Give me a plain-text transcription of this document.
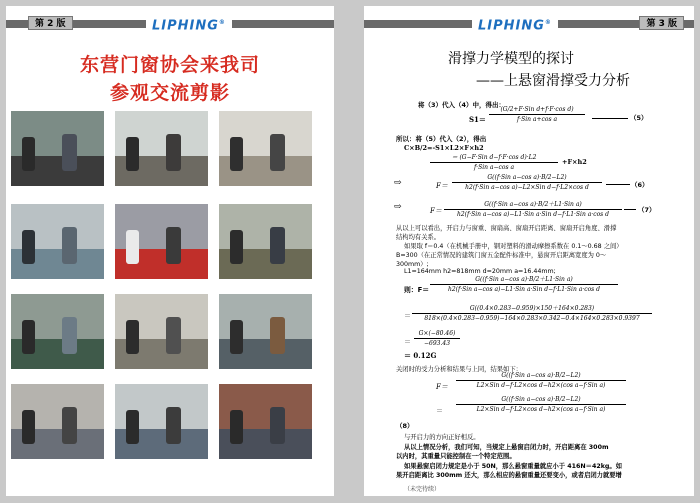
第 2 版	LIPHING®
东营门窗协会来我司
参观交流剪影
第 3 版
LIPHING®
滑撑力学模型的探讨
——上悬窗滑撑受力分析
将（3）代入（4）中，得出：
S1＝
(G/2+F·Sin d+f·F·cos d)
f·Sin a+cos a	（5）
所以：将（5）代入（2），得出
C×B/2=-S1×L2×F×h2
＝ (G−F·Sin d−f·F·cos d)·L2
f·Sin a−cos a
+F×h2
⇨	F＝
G((f·Sin a−cos a)·B/2−L2)
h2(f·Sin a−cos a)−L2×Sin d−f·L2×cos d	（6）
⇨	F＝
G((f·Sin a−cos a)·B/2＋L1·Sin a)
h2(f·Sin a−cos a)−L1·Sin a·Sin d−f·L1·Sin a·cos d
（7）
从以上可以看出，开启力与窗重、窗扇高、窗扇开启距离、窗扇开启角度、滑撑
结构均有关系。
如果取 f＝0.4（在机械手册中，钢对塑料的滑动摩擦系数在 0.1～0.68 之间）
B=300（在正常情况的建筑门窗五金配件标准中，悬窗开启距离宽度为 0～
300mm）;
L1=164mm h2=818mm d=20mm a=16.44mm;
则：F＝
G((f·Sin a−cos a)·B/2＋L1·Sin a)
h2(f·Sin a−cos a)−L1·Sin a·Sin d−f·L1·Sin a·cos d
＝ $\frac{G((0.4\times 0.283-0.959)\times 150+164\times 0.283)}{818\times(0.4\times 0.283-0.959)-164\times 0.283\times 0.342-0.4\times 164\times 0.283\times 0.9397}$
＝ $\frac{G\times(-80.46)}{-693.43}$
＝ 0.12G
关闭时的受力分析和结果与上同，结果如下：
F＝
G((f·Sin a−cos a)·B/2−L2)
L2×Sin d−f·L2×cos d−h2×(cos a−f·Sin a)
＝
G((f·Sin a−cos a)·B/2−L2)
L2×Sin d−f·L2×cos d−h2×(cos a−f·Sin a)
（8）
与开启力的方向正好相反。
从以上情况分析，我们可知，当规定上悬窗启闭力时，开启距离在 300m
以内时，其重量只能控制在一个特定范围。
如果悬窗启闭力规定是小于 50N，那么悬窗重量就应小于 416N＝42kg。如
果开启距离比 300mm 还大，那么相应的悬窗重量还要变小，或者启闭力就要增
（未完待续）
